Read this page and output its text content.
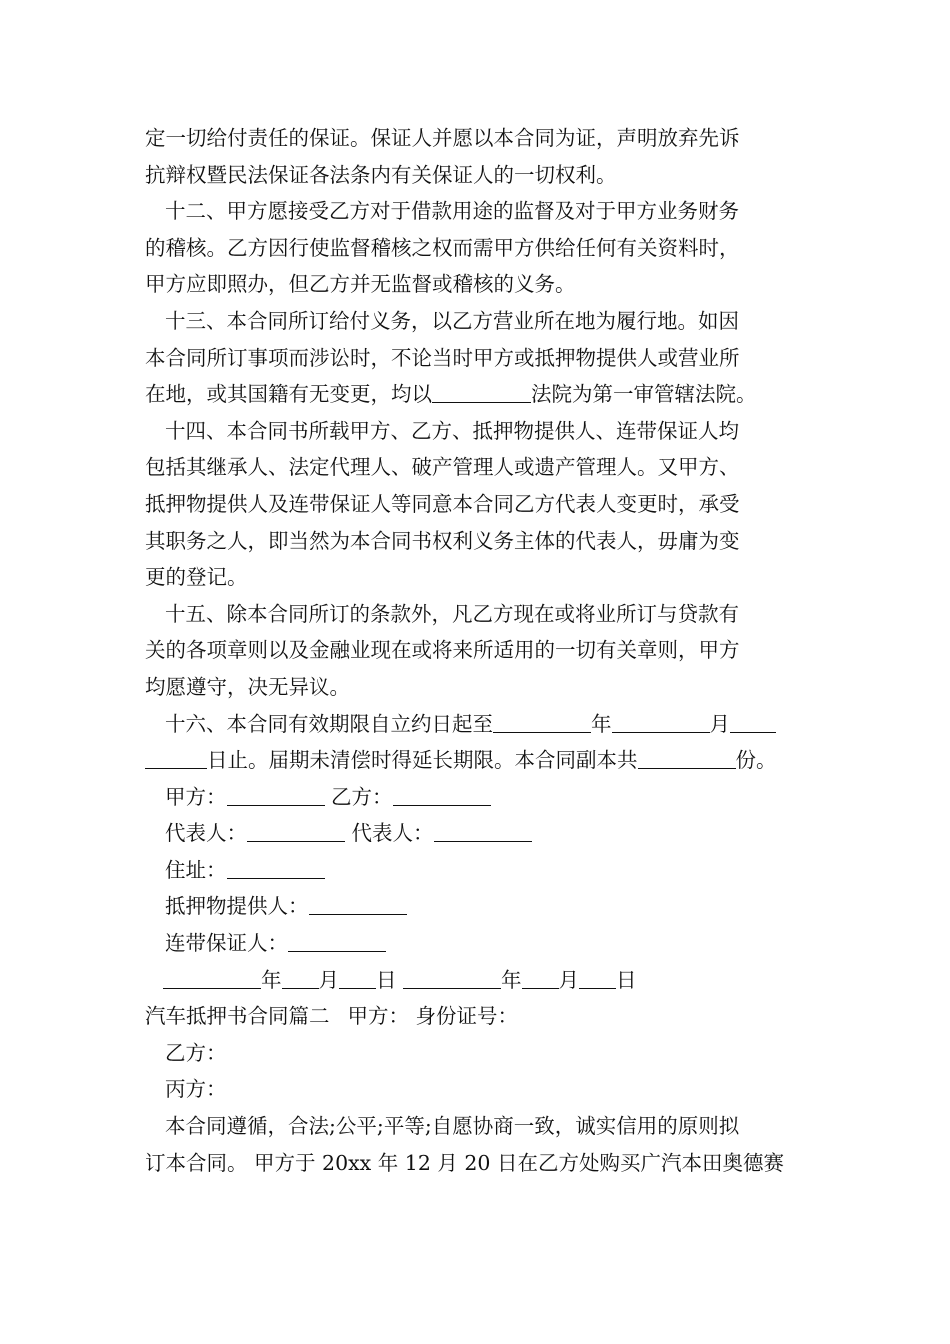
定一切给付责任的保证。保证人并愿以本合同为证，声明放弃先诉
抗辩权暨民法保证各法条内有关保证人的一切权利。
十二、甲方愿接受乙方对于借款用途的监督及对于甲方业务财务
的稽核。乙方因行使监督稽核之权而需甲方供给任何有关资料时，
甲方应即照办，但乙方并无监督或稽核的义务。
十三、本合同所订给付义务，以乙方营业所在地为履行地。如因
本合同所订事项而涉讼时，不论当时甲方或抵押物提供人或营业所
在地，或其国籍有无变更，均以	法院为第一审管辖法院。
十四、本合同书所载甲方、乙方、抵押物提供人、连带保证人均
包括其继承人、法定代理人、破产管理人或遗产管理人。又甲方、
抵押物提供人及连带保证人等同意本合同乙方代表人变更时，承受
其职务之人，即当然为本合同书权利义务主体的代表人，毋庸为变
更的登记。
十五、除本合同所订的条款外，凡乙方现在或将业所订与贷款有
关的各项章则以及金融业现在或将来所适用的一切有关章则，甲方
均愿遵守，决无异议。
十六、本合同有效期限自立约日起至	年	月
日止。届期未清偿时得延长期限。本合同副本共	份。
甲方：	乙方：
代表人：	代表人：
住址：
抵押物提供人：
连带保证人：
年 月 日	年 月 日
汽车抵押书合同篇二 甲方： 身份证号：
乙方：
丙方：
本合同遵循，合法;公平;平等;自愿协商一致，诚实信用的原则拟
订本合同。 甲方于 20xx 年 12 月 20 日在乙方处购买广汽本田奥德赛
